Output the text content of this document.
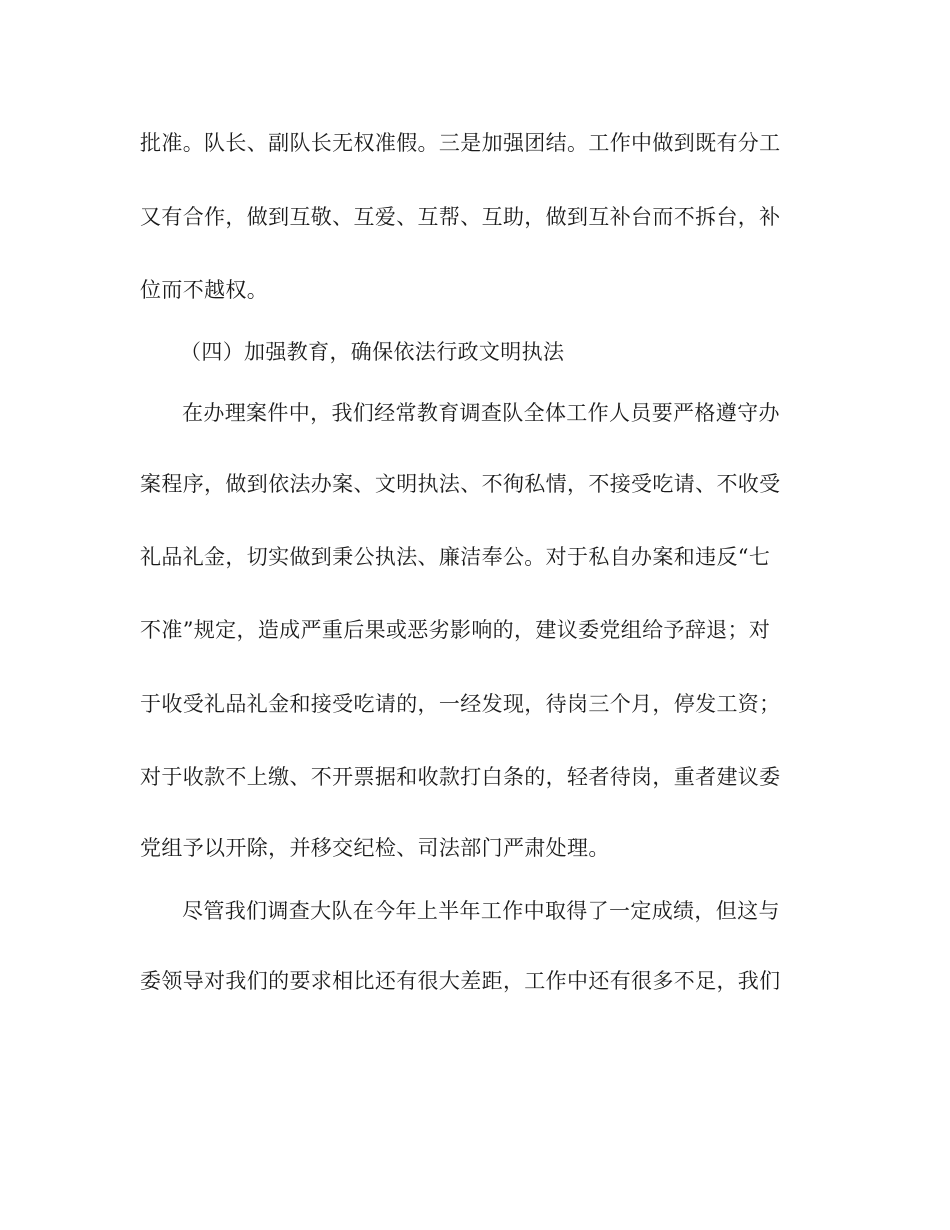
批准。队长、副队长无权准假。三是加强团结。工作中做到既有分工
又有合作，做到互敬、互爱、互帮、互助，做到互补台而不拆台，补
位而不越权。
（四）加强教育，确保依法行政文明执法
在办理案件中，我们经常教育调查队全体工作人员要严格遵守办
案程序，做到依法办案、文明执法、不徇私情，不接受吃请、不收受
礼品礼金，切实做到秉公执法、廉洁奉公。对于私自办案和违反“七
不准”规定，造成严重后果或恶劣影响的，建议委党组给予辞退；对
于收受礼品礼金和接受吃请的，一经发现，待岗三个月，停发工资；
对于收款不上缴、不开票据和收款打白条的，轻者待岗，重者建议委
党组予以开除，并移交纪检、司法部门严肃处理。
尽管我们调查大队在今年上半年工作中取得了一定成绩，但这与
委领导对我们的要求相比还有很大差距，工作中还有很多不足，我们
